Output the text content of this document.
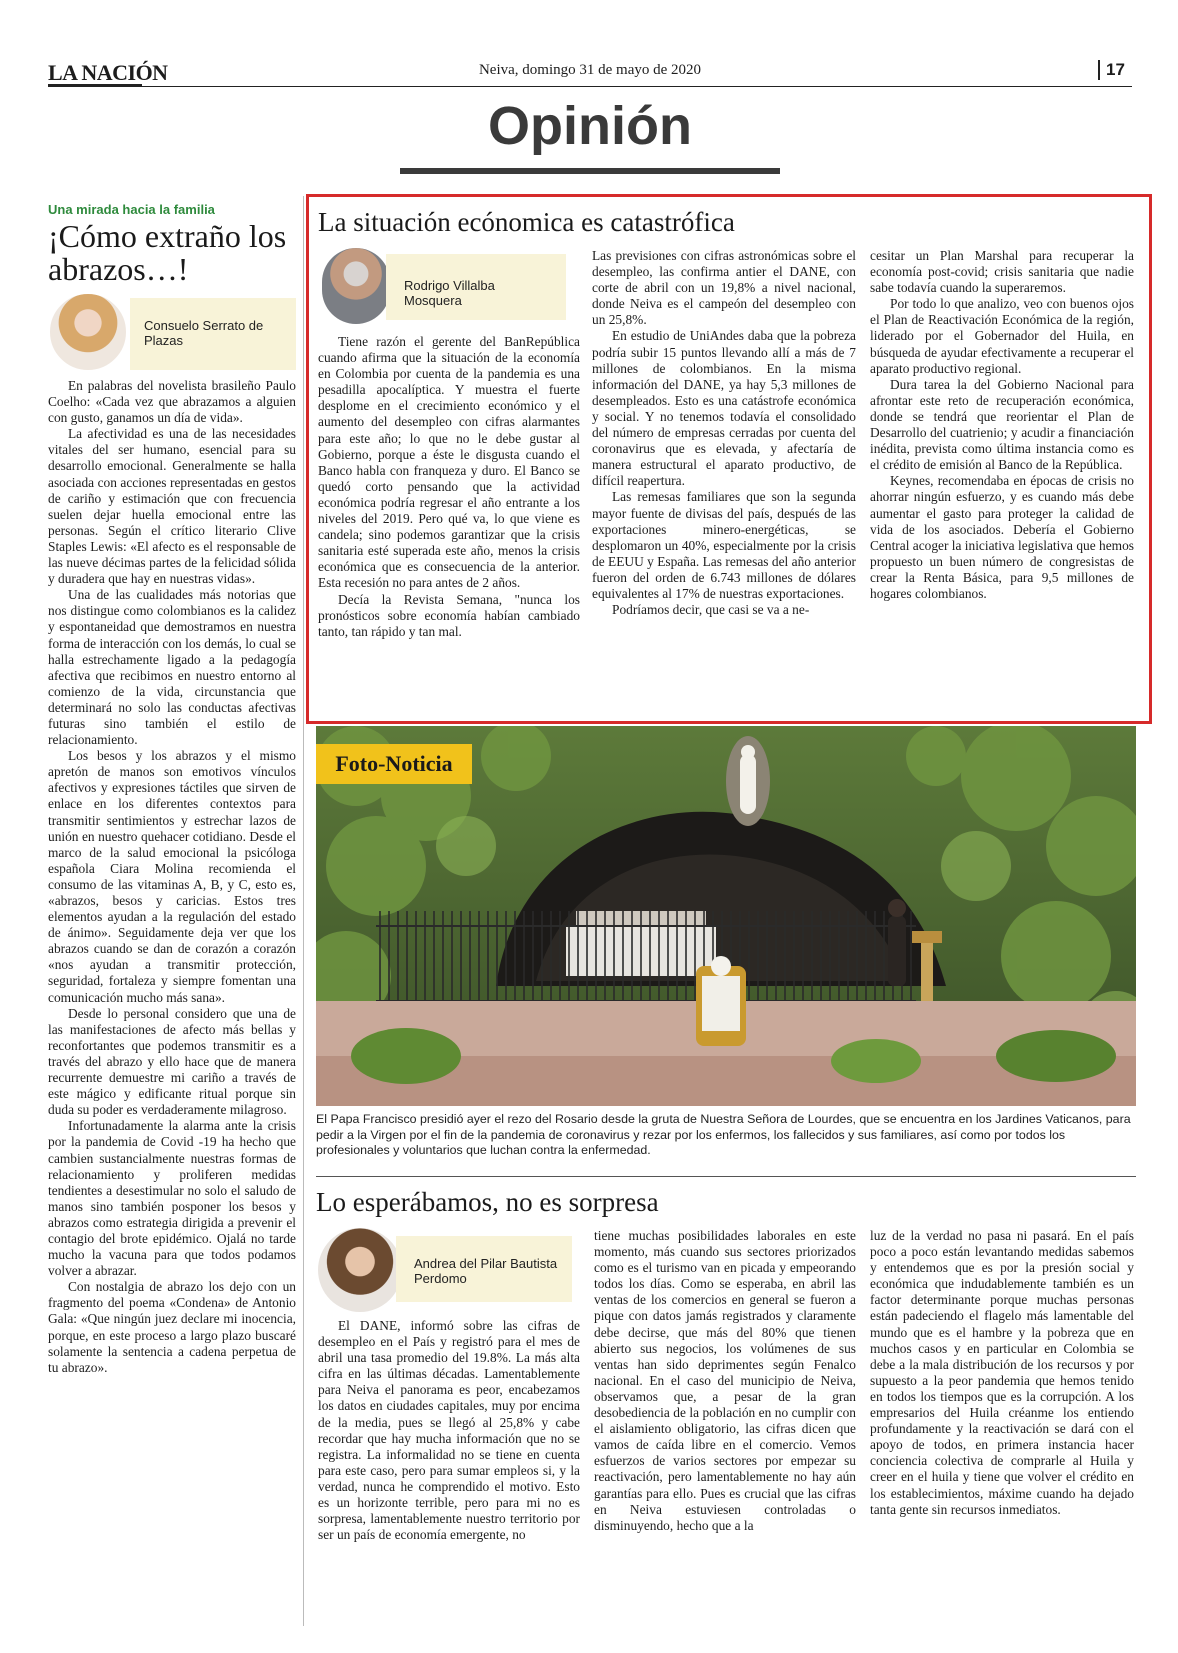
LA NACIÓN	Neiva, domingo 31 de mayo de 2020	17
Opinión
Una mirada hacia la familia
¡Cómo extraño los abrazos…!
Consuelo Serrato de Plazas

En palabras del novelista brasileño Paulo Coelho: «Cada vez que abrazamos a alguien con gusto, ganamos un día de vida».

La afectividad es una de las necesidades vitales del ser humano, esencial para su desarrollo emocional. Generalmente se halla asociada con acciones representadas en gestos de cariño y estimación que con frecuencia suelen dejar huella emocional entre las personas. Según el crítico literario Clive Staples Lewis: «El afecto es el responsable de las nueve décimas partes de la felicidad sólida y duradera que hay en nuestras vidas».

Una de las cualidades más notorias que nos distingue como colombianos es la calidez y espontaneidad que demostramos en nuestra forma de interacción con los demás, lo cual se halla estrechamente ligado a la pedagogía afectiva que recibimos en nuestro entorno al comienzo de la vida, circunstancia que determinará no solo las conductas afectivas futuras sino también el estilo de relacionamiento.

Los besos y los abrazos y el mismo apretón de manos son emotivos vínculos afectivos y expresiones táctiles que sirven de enlace en los diferentes contextos para transmitir sentimientos y estrechar lazos de unión en nuestro quehacer cotidiano. Desde el marco de la salud emocional la psicóloga española Ciara Molina recomienda el consumo de las vitaminas A, B, y C, esto es, «abrazos, besos y caricias. Estos tres elementos ayudan a la regulación del estado de ánimo». Seguidamente deja ver que los abrazos cuando se dan de corazón a corazón «nos ayudan a transmitir protección, seguridad, fortaleza y siempre fomentan una comunicación mucho más sana».

Desde lo personal considero que una de las manifestaciones de afecto más bellas y reconfortantes que podemos transmitir es a través del abrazo y ello hace que de manera recurrente demuestre mi cariño a través de este mágico y edificante ritual porque sin duda su poder es verdaderamente milagroso.

Infortunadamente la alarma ante la crisis por la pandemia de Covid -19 ha hecho que cambien sustancialmente nuestras formas de relacionamiento y proliferen medidas tendientes a desestimular no solo el saludo de manos sino también posponer los besos y abrazos como estrategia dirigida a prevenir el contagio del brote epidémico. Ojalá no tarde mucho la vacuna para que todos podamos volver a abrazar.

Con nostalgia de abrazo los dejo con un fragmento del poema «Condena» de Antonio Gala: «Que ningún juez declare mi inocencia, porque, en este proceso a largo plazo buscaré solamente la sentencia a cadena perpetua de tu abrazo».

La situación ecónomica es catastrófica
Rodrigo Villalba Mosquera

Tiene razón el gerente del BanRepública cuando afirma que la situación de la economía en Colombia por cuenta de la pandemia es una pesadilla apocalíptica. Y muestra el fuerte desplome en el crecimiento económico y el aumento del desempleo con cifras alarmantes para este año; lo que no le debe gustar al Gobierno, porque a éste le disgusta cuando el Banco habla con franqueza y duro. El Banco se quedó corto pensando que la actividad económica podría regresar el año entrante a los niveles del 2019. Pero qué va, lo que viene es candela; sino podemos garantizar que la crisis sanitaria esté superada este año, menos la crisis económica que es consecuencia de la anterior. Esta recesión no para antes de 2 años.

Decía la Revista Semana, "nunca los pronósticos sobre economía habían cambiado tanto, tan rápido y tan mal.

Las previsiones con cifras astronómicas sobre el desempleo, las confirma antier el DANE, con corte de abril con un 19,8% a nivel nacional, donde Neiva es el campeón del desempleo con un 25,8%.

En estudio de UniAndes daba que la pobreza podría subir 15 puntos llevando allí a más de 7 millones de colombianos. En la misma información del DANE, ya hay 5,3 millones de desempleados. Esto es una catástrofe económica y social. Y no tenemos todavía el consolidado del número de empresas cerradas por cuenta del coronavirus que es elevada, y afectaría de manera estructural el aparato productivo, de difícil reapertura.

Las remesas familiares que son la segunda mayor fuente de divisas del país, después de las exportaciones minero-energéticas, se desplomaron un 40%, especialmente por la crisis de EEUU y España. Las remesas del año anterior fueron del orden de 6.743 millones de dólares equivalentes al 17% de nuestras exportaciones.

Podríamos decir, que casi se va a ne-

cesitar un Plan Marshal para recuperar la economía post-covid; crisis sanitaria que nadie sabe todavía cuando la superaremos.

Por todo lo que analizo, veo con buenos ojos el Plan de Reactivación Económica de la región, liderado por el Gobernador del Huila, en búsqueda de ayudar efectivamente a recuperar el aparato productivo regional.

Dura tarea la del Gobierno Nacional para afrontar este reto de recuperación económica, donde se tendrá que reorientar el Plan de Desarrollo del cuatrienio; y acudir a financiación inédita, prevista como última instancia como es el crédito de emisión al Banco de la República.

Keynes, recomendaba en épocas de crisis no ahorrar ningún esfuerzo, y es cuando más debe aumentar el gasto para proteger la calidad de vida de los asociados. Debería el Gobierno Central acoger la iniciativa legislativa que hemos propuesto un buen número de congresistas de crear la Renta Básica, para 9,5 millones de hogares colombianos.

Foto-Noticia
El Papa Francisco presidió ayer el rezo del Rosario desde la gruta de Nuestra Señora de Lourdes, que se encuentra en los Jardines Vaticanos, para pedir a la Virgen por el fin de la pandemia de coronavirus y rezar por los enfermos, los fallecidos y sus familiares, así como por todos los profesionales y voluntarios que luchan contra la enfermedad.
Lo esperábamos, no es sorpresa
Andrea del Pilar Bautista Perdomo

El DANE, informó sobre las cifras de desempleo en el País y registró para el mes de abril una tasa promedio del 19.8%. La más alta cifra en las últimas décadas. Lamentablemente para Neiva el panorama es peor, encabezamos los datos en ciudades capitales, muy por encima de la media, pues se llegó al 25,8% y cabe recordar que hay mucha información que no se registra. La informalidad no se tiene en cuenta para este caso, pero para sumar empleos si, y la verdad, nunca he comprendido el motivo. Esto es un horizonte terrible, pero para mi no es sorpresa, lamentablemente nuestro territorio por ser un país de economía emergente, no

tiene muchas posibilidades laborales en este momento, más cuando sus sectores priorizados como es el turismo van en picada y empeorando todos los días. Como se esperaba, en abril las ventas de los comercios en general se fueron a pique con datos jamás registrados y claramente debe decirse, que más del 80% que tienen abierto sus negocios, los volúmenes de sus ventas han sido deprimentes según Fenalco nacional. En el caso del municipio de Neiva, observamos que, a pesar de la gran desobediencia de la población en no cumplir con el aislamiento obligatorio, las cifras dicen que vamos de caída libre en el comercio. Vemos esfuerzos de varios sectores por empezar su reactivación, pero lamentablemente no hay aún garantías para ello. Pues es crucial que las cifras en Neiva estuviesen controladas o disminuyendo, hecho que a la

luz de la verdad no pasa ni pasará. En el país poco a poco están levantando medidas sabemos y entendemos que es por la presión social y económica que indudablemente también es un factor determinante porque muchas personas están padeciendo el flagelo más lamentable del mundo que es el hambre y la pobreza que en muchos casos y en particular en Colombia se debe a la mala distribución de los recursos y por supuesto a la peor pandemia que hemos tenido en todos los tiempos que es la corrupción. A los empresarios del Huila créanme los entiendo profundamente y la reactivación se dará con el apoyo de todos, en primera instancia hacer conciencia colectiva de comprarle al Huila y creer en el huila y tiene que volver el crédito en los establecimientos, máxime cuando ha dejado tanta gente sin recursos inmediatos.
